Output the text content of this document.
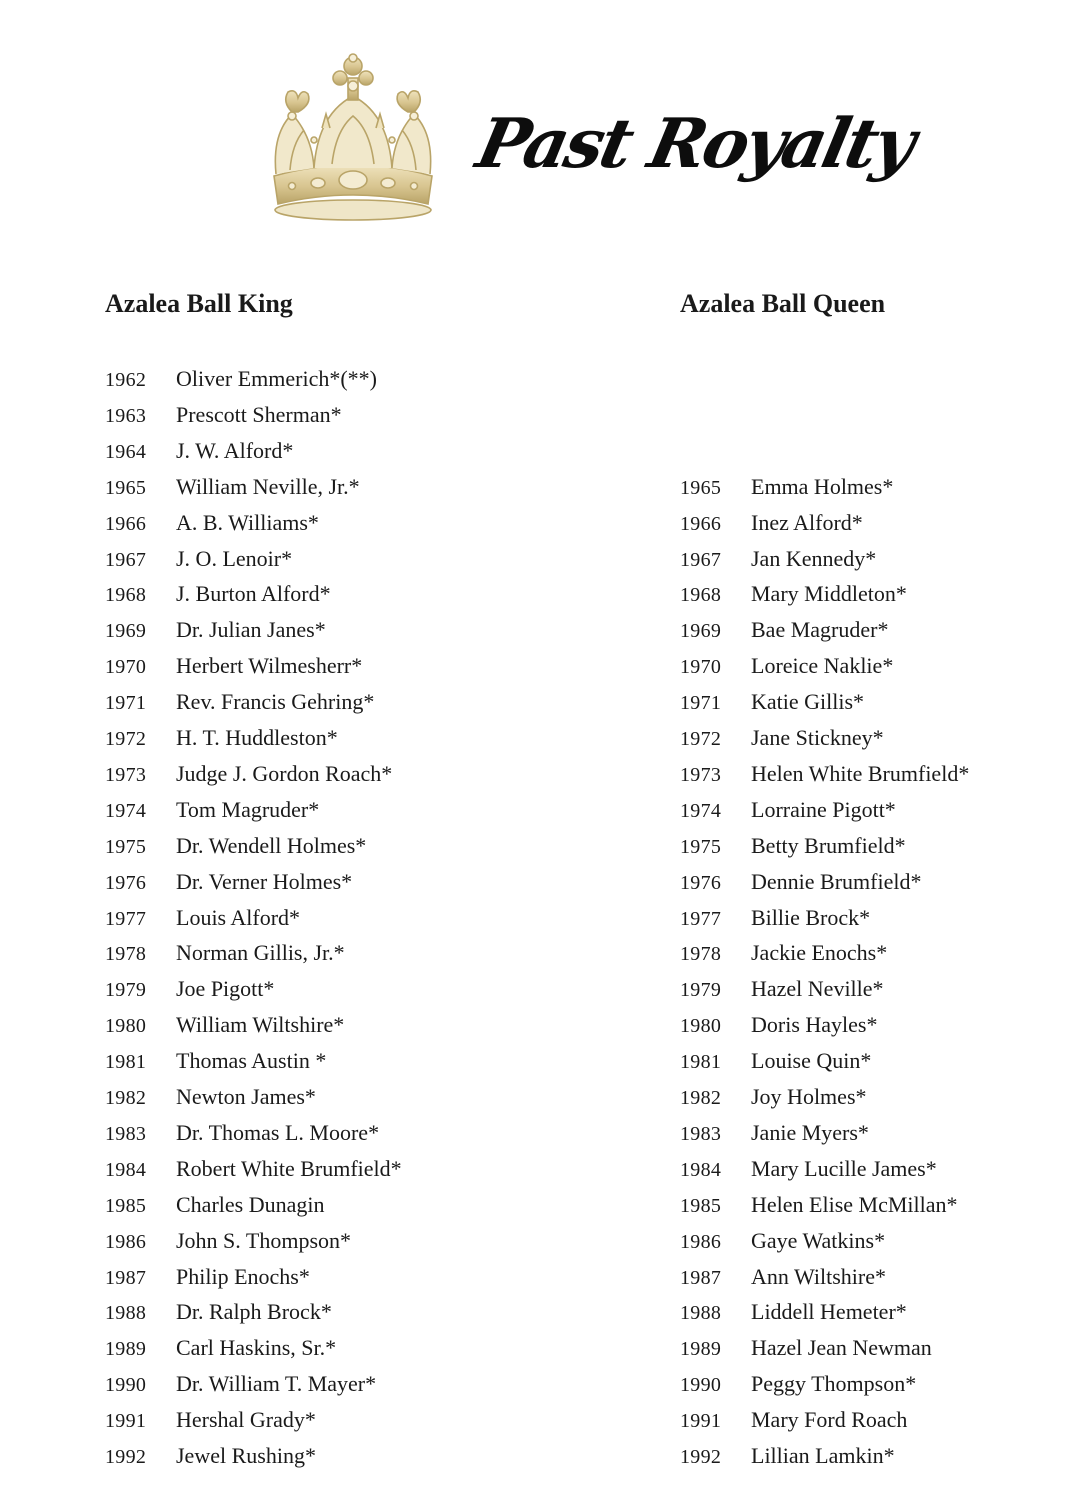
Past Royalty
Azalea Ball King
1962 Oliver Emmerich*(**)
1963 Prescott Sherman*
1964 J. W. Alford*
1965 William Neville, Jr.*
1966 A. B. Williams*
1967 J. O. Lenoir*
1968 J. Burton Alford*
1969 Dr. Julian Janes*
1970 Herbert Wilmesherr*
1971 Rev. Francis Gehring*
1972 H. T. Huddleston*
1973 Judge J. Gordon Roach*
1974 Tom Magruder*
1975 Dr. Wendell Holmes*
1976 Dr. Verner Holmes*
1977 Louis Alford*
1978 Norman Gillis, Jr.*
1979 Joe Pigott*
1980 William Wiltshire*
1981 Thomas Austin *
1982 Newton James*
1983 Dr. Thomas L. Moore*
1984 Robert White Brumfield*
1985 Charles Dunagin
1986 John S. Thompson*
1987 Philip Enochs*
1988 Dr. Ralph Brock*
1989 Carl Haskins, Sr.*
1990 Dr. William T. Mayer*
1991 Hershal Grady*
1992 Jewel Rushing*
Azalea Ball Queen
1965 Emma Holmes*
1966 Inez Alford*
1967 Jan Kennedy*
1968 Mary Middleton*
1969 Bae Magruder*
1970 Loreice Naklie*
1971 Katie Gillis*
1972 Jane Stickney*
1973 Helen White Brumfield*
1974 Lorraine Pigott*
1975 Betty Brumfield*
1976 Dennie Brumfield*
1977 Billie Brock*
1978 Jackie Enochs*
1979 Hazel Neville*
1980 Doris Hayles*
1981 Louise Quin*
1982 Joy Holmes*
1983 Janie Myers*
1984 Mary Lucille James*
1985 Helen Elise McMillan*
1986 Gaye Watkins*
1987 Ann Wiltshire*
1988 Liddell Hemeter*
1989 Hazel Jean Newman
1990 Peggy Thompson*
1991 Mary Ford Roach
1992 Lillian Lamkin*
